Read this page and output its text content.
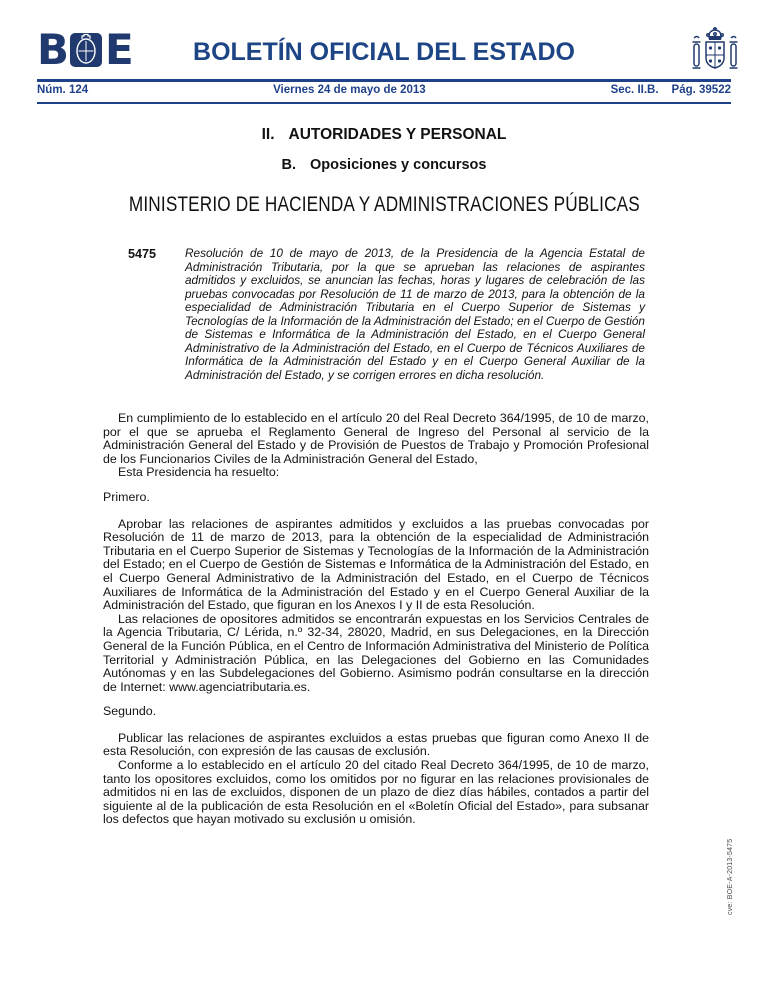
B E	BOLETÍN OFICIAL DEL ESTADO
Núm. 124	Viernes 24 de mayo de 2013	Sec. II.B. Pág. 39522
II. AUTORIDADES Y PERSONAL
B. Oposiciones y concursos
MINISTERIO DE HACIENDA Y ADMINISTRACIONES PÚBLICAS
5475 Resolución de 10 de mayo de 2013, de la Presidencia de la Agencia Estatal de Administración Tributaria, por la que se aprueban las relaciones de aspirantes admitidos y excluidos, se anuncian las fechas, horas y lugares de celebración de las pruebas convocadas por Resolución de 11 de marzo de 2013, para la obtención de la especialidad de Administración Tributaria en el Cuerpo Superior de Sistemas y Tecnologías de la Información de la Administración del Estado; en el Cuerpo de Gestión de Sistemas e Informática de la Administración del Estado, en el Cuerpo General Administrativo de la Administración del Estado, en el Cuerpo de Técnicos Auxiliares de Informática de la Administración del Estado y en el Cuerpo General Auxiliar de la Administración del Estado, y se corrigen errores en dicha resolución.

En cumplimiento de lo establecido en el artículo 20 del Real Decreto 364/1995, de 10 de marzo, por el que se aprueba el Reglamento General de Ingreso del Personal al servicio de la Administración General del Estado y de Provisión de Puestos de Trabajo y Promoción Profesional de los Funcionarios Civiles de la Administración General del Estado,

Esta Presidencia ha resuelto:

Primero.

Aprobar las relaciones de aspirantes admitidos y excluidos a las pruebas convocadas por Resolución de 11 de marzo de 2013, para la obtención de la especialidad de Administración Tributaria en el Cuerpo Superior de Sistemas y Tecnologías de la Información de la Administración del Estado; en el Cuerpo de Gestión de Sistemas e Informática de la Administración del Estado, en el Cuerpo General Administrativo de la Administración del Estado, en el Cuerpo de Técnicos Auxiliares de Informática de la Administración del Estado y en el Cuerpo General Auxiliar de la Administración del Estado, que figuran en los Anexos I y II de esta Resolución.

Las relaciones de opositores admitidos se encontrarán expuestas en los Servicios Centrales de la Agencia Tributaria, C/ Lérida, n.º 32-34, 28020, Madrid, en sus Delegaciones, en la Dirección General de la Función Pública, en el Centro de Información Administrativa del Ministerio de Política Territorial y Administración Pública, en las Delegaciones del Gobierno en las Comunidades Autónomas y en las Subdelegaciones del Gobierno. Asimismo podrán consultarse en la dirección de Internet: www.agenciatributaria.es.

Segundo.

Publicar las relaciones de aspirantes excluidos a estas pruebas que figuran como Anexo II de esta Resolución, con expresión de las causas de exclusión.

Conforme a lo establecido en el artículo 20 del citado Real Decreto 364/1995, de 10 de marzo, tanto los opositores excluidos, como los omitidos por no figurar en las relaciones provisionales de admitidos ni en las de excluidos, disponen de un plazo de diez días hábiles, contados a partir del siguiente al de la publicación de esta Resolución en el «Boletín Oficial del Estado», para subsanar los defectos que hayan motivado su exclusión u omisión.

cve: BOE-A-2013-5475
